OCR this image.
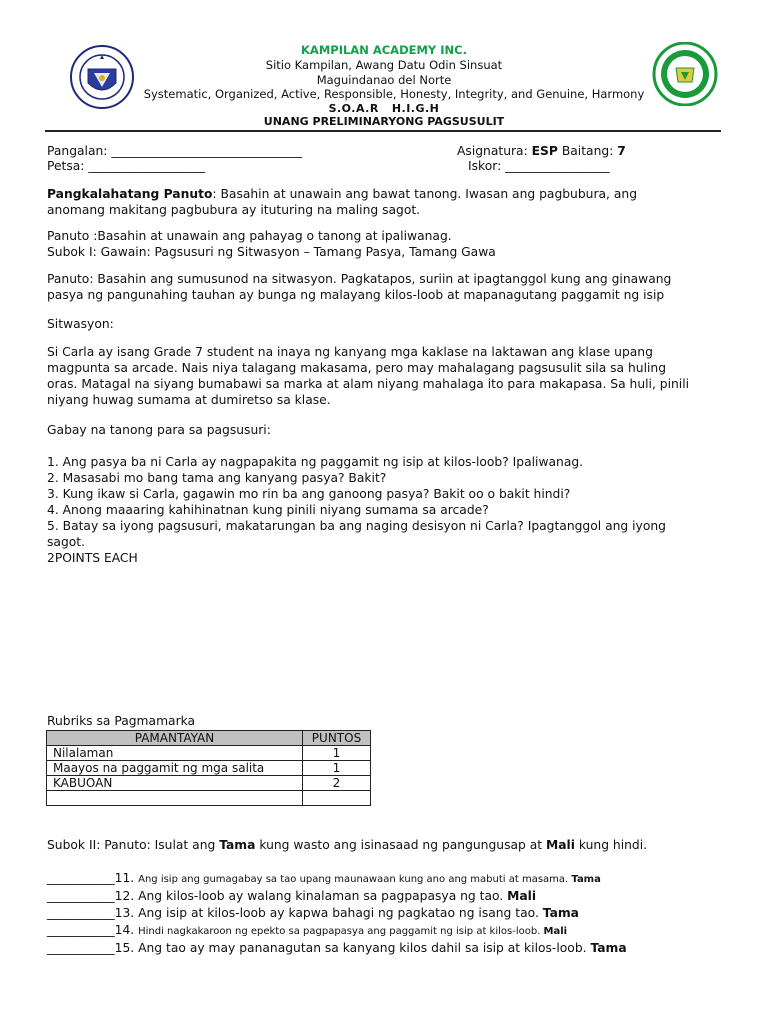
KAMPILAN ACADEMY INC.
Sitio Kampilan, Awang Datu Odin Sinsuat
Maguindanao del Norte
Systematic, Organized, Active, Responsible, Honesty, Integrity, and Genuine, Harmony
S.O.A.R   H.I.G.H
UNANG PRELIMINARYONG PAGSUSULIT
Pangalan: _______________________________
Petsa: ___________________
Asignatura: ESP Baitang: 7
Iskor: _________________
Pangkalahatang Panuto: Basahin at unawain ang bawat tanong. Iwasan ang pagbubura, ang
anomang makitang pagbubura ay ituturing na maling sagot.
Panuto :Basahin at unawain ang pahayag o tanong at ipaliwanag.
Subok I: Gawain: Pagsusuri ng Sitwasyon – Tamang Pasya, Tamang Gawa
Panuto: Basahin ang sumusunod na sitwasyon. Pagkatapos, suriin at ipagtanggol kung ang ginawang
pasya ng pangunahing tauhan ay bunga ng malayang kilos-loob at mapanagutang paggamit ng isip
Sitwasyon:
Si Carla ay isang Grade 7 student na inaya ng kanyang mga kaklase na laktawan ang klase upang
magpunta sa arcade. Nais niya talagang makasama, pero may mahalagang pagsusulit sila sa huling
oras. Matagal na siyang bumabawi sa marka at alam niyang mahalaga ito para makapasa. Sa huli, pinili
niyang huwag sumama at dumiretso sa klase.
Gabay na tanong para sa pagsusuri:
1. Ang pasya ba ni Carla ay nagpapakita ng paggamit ng isip at kilos-loob? Ipaliwanag.
2. Masasabi mo bang tama ang kanyang pasya? Bakit?
3. Kung ikaw si Carla, gagawin mo rin ba ang ganoong pasya? Bakit oo o bakit hindi?
4. Anong maaaring kahihinatnan kung pinili niyang sumama sa arcade?
5. Batay sa iyong pagsusuri, makatarungan ba ang naging desisyon ni Carla? Ipagtanggol ang iyong
sagot.
2POINTS EACH
Rubriks sa Pagmamarka
PAMANTAYAN	PUNTOS
Nilalaman	1
Maayos na paggamit ng mga salita	1
KABUOAN	2

Subok II: Panuto: Isulat ang Tama kung wasto ang isinasaad ng pangungusap at Mali kung hindi.
___________11. Ang isip ang gumagabay sa tao upang maunawaan kung ano ang mabuti at masama. Tama
___________12. Ang kilos-loob ay walang kinalaman sa pagpapasya ng tao. Mali
___________13. Ang isip at kilos-loob ay kapwa bahagi ng pagkatao ng isang tao. Tama
___________14. Hindi nagkakaroon ng epekto sa pagpapasya ang paggamit ng isip at kilos-loob. Mali
___________15. Ang tao ay may pananagutan sa kanyang kilos dahil sa isip at kilos-loob. Tama
